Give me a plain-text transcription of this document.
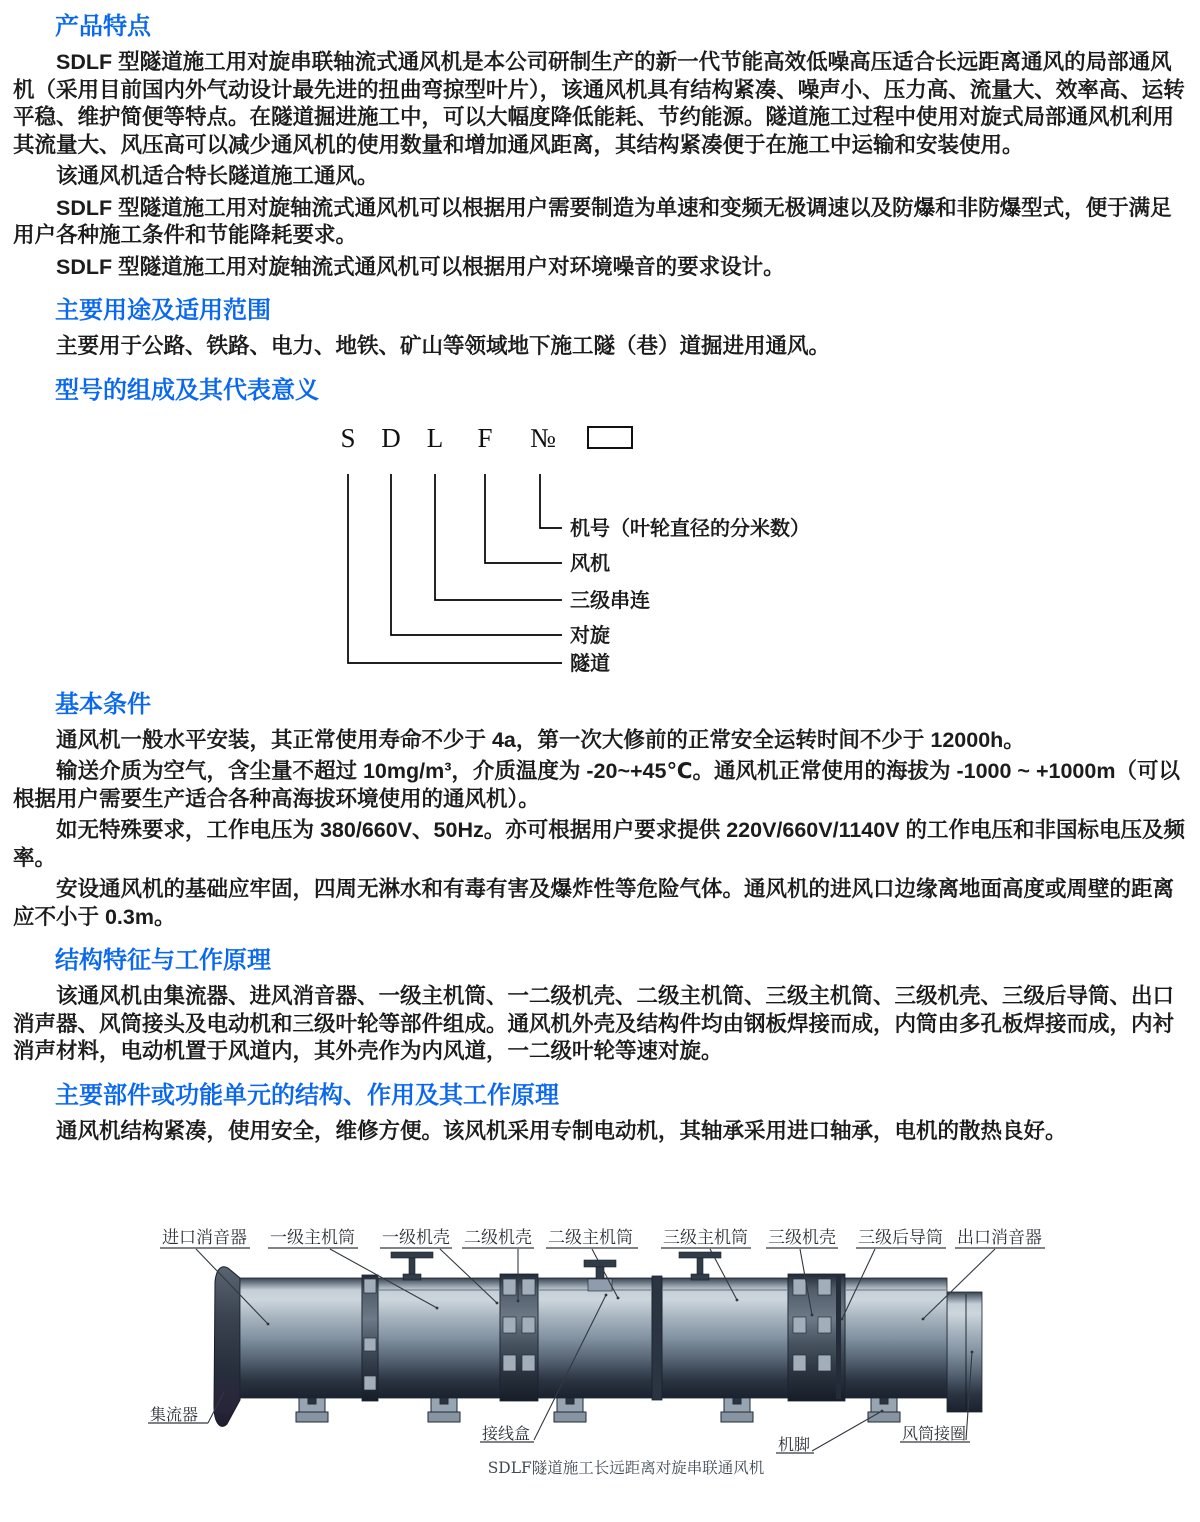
产品特点

SDLF 型隧道施工用对旋串联轴流式通风机是本公司研制生产的新一代节能高效低噪高压适合长远距离通风的局部通风机（采用目前国内外气动设计最先进的扭曲弯掠型叶片），该通风机具有结构紧凑、噪声小、压力高、流量大、效率高、运转平稳、维护简便等特点。在隧道掘进施工中，可以大幅度降低能耗、节约能源。隧道施工过程中使用对旋式局部通风机利用其流量大、风压高可以减少通风机的使用数量和增加通风距离，其结构紧凑便于在施工中运输和安装使用。

该通风机适合特长隧道施工通风。

SDLF 型隧道施工用对旋轴流式通风机可以根据用户需要制造为单速和变频无极调速以及防爆和非防爆型式，便于满足用户各种施工条件和节能降耗要求。

SDLF 型隧道施工用对旋轴流式通风机可以根据用户对环境噪音的要求设计。

主要用途及适用范围

主要用于公路、铁路、电力、地铁、矿山等领域地下施工隧（巷）道掘进用通风。

型号的组成及其代表意义
S D L F №
机号（叶轮直径的分米数）
风机
三级串连
对旋
隧道
基本条件

通风机一般水平安装，其正常使用寿命不少于 4a，第一次大修前的正常安全运转时间不少于 12000h。

输送介质为空气，含尘量不超过 10mg/m³，介质温度为 -20~+45℃。通风机正常使用的海拔为 -1000 ~ +1000m（可以根据用户需要生产适合各种高海拔环境使用的通风机）。

如无特殊要求，工作电压为 380/660V、50Hz。亦可根据用户要求提供 220V/660V/1140V 的工作电压和非国标电压及频率。

安设通风机的基础应牢固，四周无淋水和有毒有害及爆炸性等危险气体。通风机的进风口边缘离地面高度或周壁的距离应不小于 0.3m。

结构特征与工作原理

该通风机由集流器、进风消音器、一级主机筒、一二级机壳、二级主机筒、三级主机筒、三级机壳、三级后导筒、出口消声器、风筒接头及电动机和三级叶轮等部件组成。通风机外壳及结构件均由钢板焊接而成，内筒由多孔板焊接而成，内衬消声材料，电动机置于风道内，其外壳作为内风道，一二级叶轮等速对旋。

主要部件或功能单元的结构、作用及其工作原理

通风机结构紧凑，使用安全，维修方便。该风机采用专制电动机，其轴承采用进口轴承，电机的散热良好。

进口消音器 一级主机筒 一级机壳 二级机壳 二级主机筒 三级主机筒 三级机壳 三级后导筒 出口消音器
集流器
接线盒
机脚
风筒接圈
SDLF隧道施工长远距离对旋串联通风机
